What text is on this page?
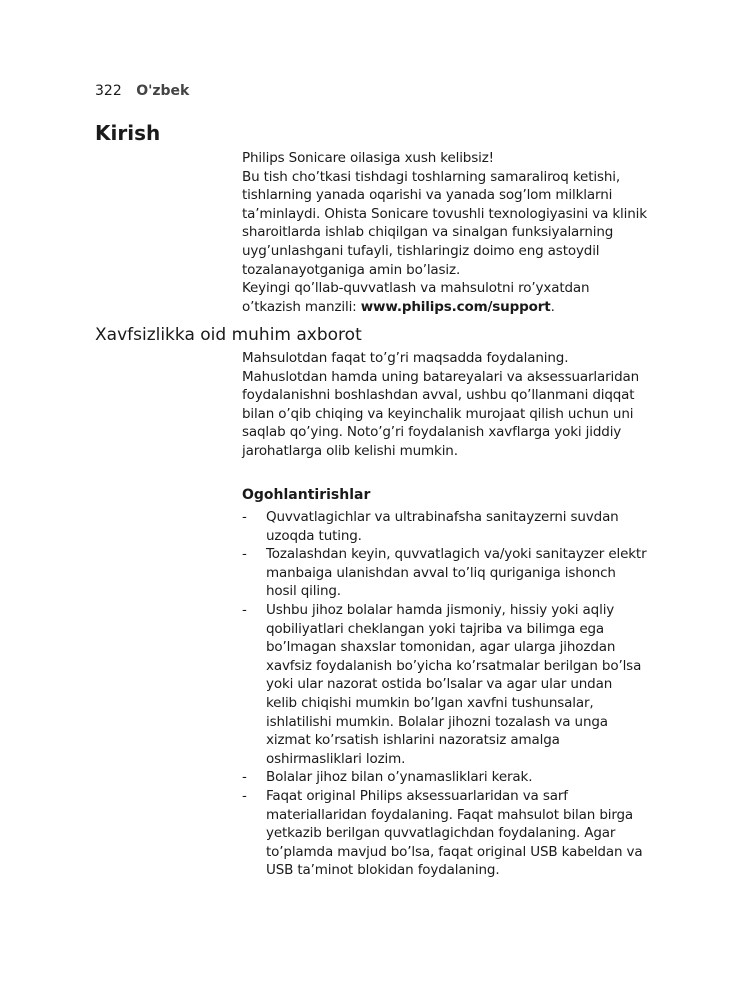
322 O'zbek
Kirish

Philips Sonicare oilasiga xush kelibsiz!

Bu tish cho’tkasi tishdagi toshlarning samaraliroq ketishi, tishlarning yanada oqarishi va yanada sog’lom milklarni ta’minlaydi. Ohista Sonicare tovushli texnologiyasini va klinik sharoitlarda ishlab chiqilgan va sinalgan funksiyalarning uyg’unlashgani tufayli, tishlaringiz doimo eng astoydil tozalanayotganiga amin bo’lasiz.

Keyingi qo’llab-quvvatlash va mahsulotni ro’yxatdan o’tkazish manzili: www.philips.com/support.

Xavfsizlikka oid muhim axborot

Mahsulotdan faqat to’g’ri maqsadda foydalaning. Mahuslotdan hamda uning batareyalari va aksessuarlaridan foydalanishni boshlashdan avval, ushbu qo’llanmani diqqat bilan o’qib chiqing va keyinchalik murojaat qilish uchun uni saqlab qo’ying. Noto’g’ri foydalanish xavflarga yoki jiddiy jarohatlarga olib kelishi mumkin.

Ogohlantirishlar
- Quvvatlagichlar va ultrabinafsha sanitayzerni suvdan uzoqda tuting.
- Tozalashdan keyin, quvvatlagich va/yoki sanitayzer elektr manbaiga ulanishdan avval to’liq quriganiga ishonch hosil qiling.
- Ushbu jihoz bolalar hamda jismoniy, hissiy yoki aqliy qobiliyatlari cheklangan yoki tajriba va bilimga ega bo’lmagan shaxslar tomonidan, agar ularga jihozdan xavfsiz foydalanish bo’yicha ko’rsatmalar berilgan bo’lsa yoki ular nazorat ostida bo’lsalar va agar ular undan kelib chiqishi mumkin bo’lgan xavfni tushunsalar, ishlatilishi mumkin. Bolalar jihozni tozalash va unga xizmat ko’rsatish ishlarini nazoratsiz amalga oshirmasliklari lozim.
- Bolalar jihoz bilan o’ynamasliklari kerak.
- Faqat original Philips aksessuarlaridan va sarf materiallaridan foydalaning. Faqat mahsulot bilan birga yetkazib berilgan quvvatlagichdan foydalaning. Agar to’plamda mavjud bo’lsa, faqat original USB kabeldan va USB ta’minot blokidan foydalaning.
